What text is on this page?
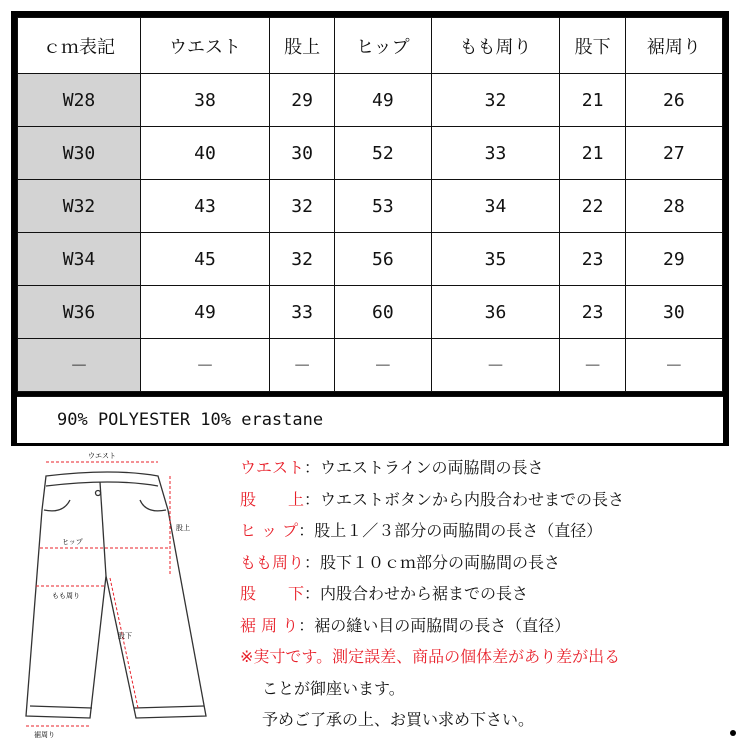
ｃｍ表記	ウエスト	股上	ヒップ	もも周り	股下	裾周り
W28	38	29	49	32	21	26
W30	40	30	52	33	21	27
W32	43	32	53	34	22	28
W34	45	32	56	35	23	29
W36	49	33	60	36	23	30
－	－	－	－	－	－	－
90% POLYESTER 10% erastane
ウエスト
股上
ヒップ
もも周り
股下
裾周り
ウエスト：ウエストラインの両脇間の長さ
股　　上：ウエストボタンから内股合わせまでの長さ
ヒ ッ プ：股上１／３部分の両脇間の長さ（直径）
もも周り：股下１０ｃｍ部分の両脇間の長さ
股　　下：内股合わせから裾までの長さ
裾 周 り：裾の縫い目の両脇間の長さ（直径）
※実寸です。測定誤差、商品の個体差があり差が出る
ことが御座います。
予めご了承の上、お買い求め下さい。
